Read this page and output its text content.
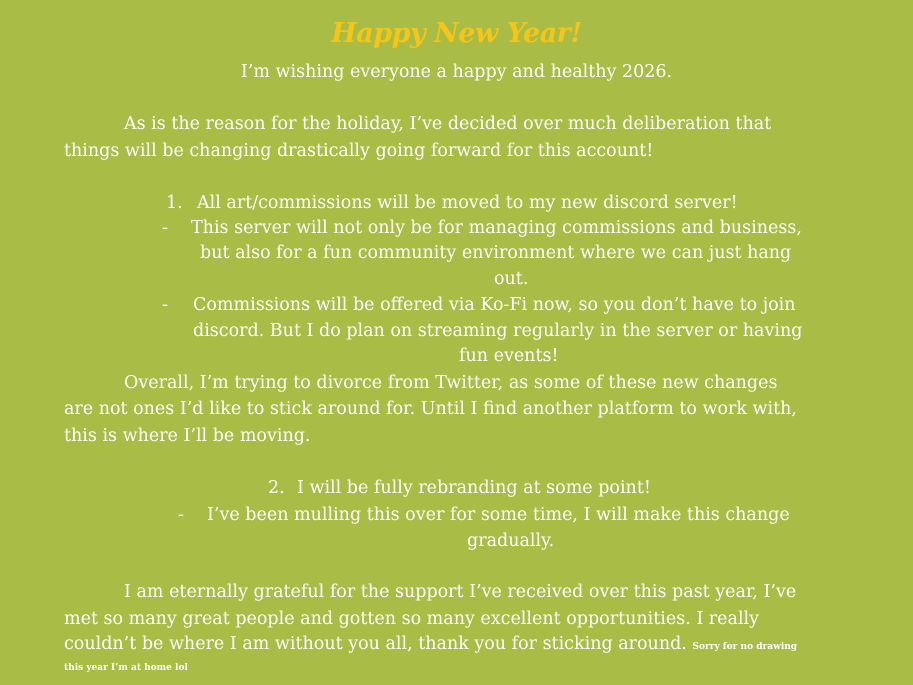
Happy New Year!
I’m wishing everyone a happy and healthy 2026.
As is the reason for the holiday, I’ve decided over much deliberation that
things will be changing drastically going forward for this account!
1. All art/commissions will be moved to my new discord server!
- This server will not only be for managing commissions and business,
but also for a fun community environment where we can just hang
out.
- Commissions will be offered via Ko-Fi now, so you don’t have to join
discord. But I do plan on streaming regularly in the server or having
fun events!
Overall, I’m trying to divorce from Twitter, as some of these new changes
are not ones I’d like to stick around for. Until I find another platform to work with,
this is where I’ll be moving.
2. I will be fully rebranding at some point!
- I’ve been mulling this over for some time, I will make this change
gradually.
I am eternally grateful for the support I’ve received over this past year, I’ve
met so many great people and gotten so many excellent opportunities. I really
couldn’t be where I am without you all, thank you for sticking around. Sorry for no drawing
this year I’m at home lol
